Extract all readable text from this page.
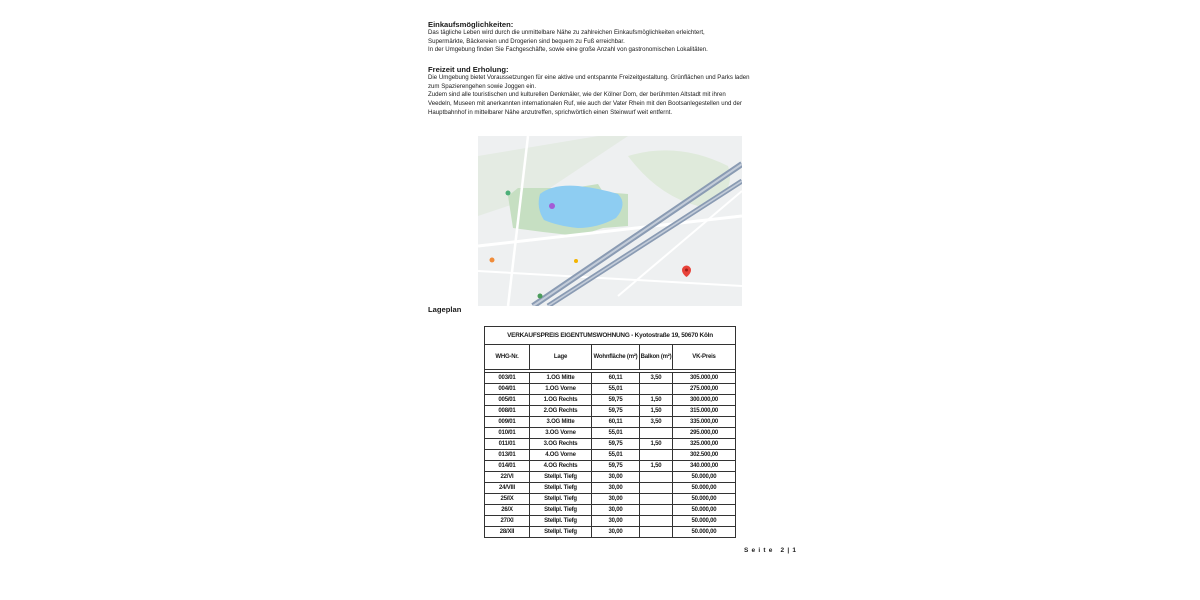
Einkaufsmöglichkeiten:

Das tägliche Leben wird durch die unmittelbare Nähe zu zahlreichen Einkaufsmöglichkeiten erleichtert,

Supermärkte, Bäckereien und Drogerien sind bequem zu Fuß erreichbar.

In der Umgebung finden Sie Fachgeschäfte, sowie eine große Anzahl von gastronomischen Lokalitäten.

Freizeit und Erholung:

Die Umgebung bietet Voraussetzungen für eine aktive und entspannte Freizeitgestaltung. Grünflächen und Parks laden

zum Spazierengehen sowie Joggen ein.

Zudem sind alle touristischen und kulturellen Denkmäler, wie der Kölner Dom, der berühmten Altstadt mit ihren

Veedeln, Museen mit anerkannten internationalen Ruf, wie auch der Vater Rhein mit den Bootsanlegestellen und der

Hauptbahnhof in mittelbarer Nähe anzutreffen, sprichwörtlich einen Steinwurf weit entfernt.

Lageplan
VERKAUFSPREIS EIGENTUMSWOHNUNG - Kyotostraße 19, 50670 Köln				
WHG-Nr.	Lage	Wohnfläche (m²)	Balkon (m²)	VK-Preis

003/01	1.OG Mitte	60,11	3,50	305.000,00
004/01	1.OG Vorne	55,01		275.000,00
005/01	1.OG Rechts	59,75	1,50	300.000,00
008/01	2.OG Rechts	59,75	1,50	315.000,00
009/01	3.OG Mitte	60,11	3,50	335.000,00
010/01	3.OG Vorne	55,01		295.000,00
011/01	3.OG Rechts	59,75	1,50	325.000,00
013/01	4.OG Vorne	55,01		302.500,00
014/01	4.OG Rechts	59,75	1,50	340.000,00
22/VI	Stellpl. Tiefg	30,00		50.000,00
24/VIII	Stellpl. Tiefg	30,00		50.000,00
25/IX	Stellpl. Tiefg	30,00		50.000,00
26/X	Stellpl. Tiefg	30,00		50.000,00
27/XI	Stellpl. Tiefg	30,00		50.000,00
28/XII	Stellpl. Tiefg	30,00		50.000,00
Seite 2|1
